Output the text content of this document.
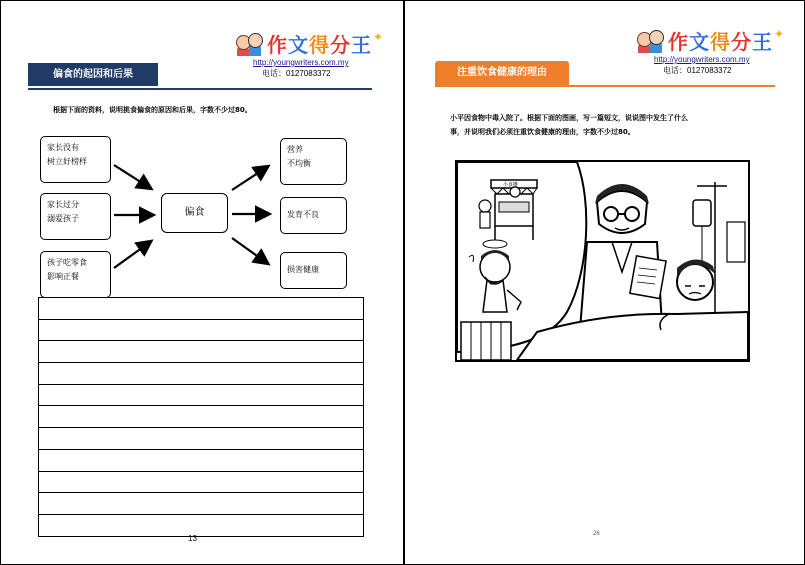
作文得分王 ✦
http://youngwriters.com.my
电话：0127083372
偏食的起因和后果
根据下面的资料，说明挑食偏食的原因和后果，字数不少过80。
家长没有
树立好榜样
家长过分
溺爱孩子
孩子吃零食
影响正餐
偏食
营养
不均衡
发育不良
损害健康
13
作文得分王 ✦
http://youngwriters.com.my
电话：0127083372
注重饮食健康的理由
小平因食物中毒入院了。根据下面的图画，写一篇短文，说说图中发生了什么
事，并说明我们必须注重饮食健康的理由，字数不少过80。
小食摊
26
